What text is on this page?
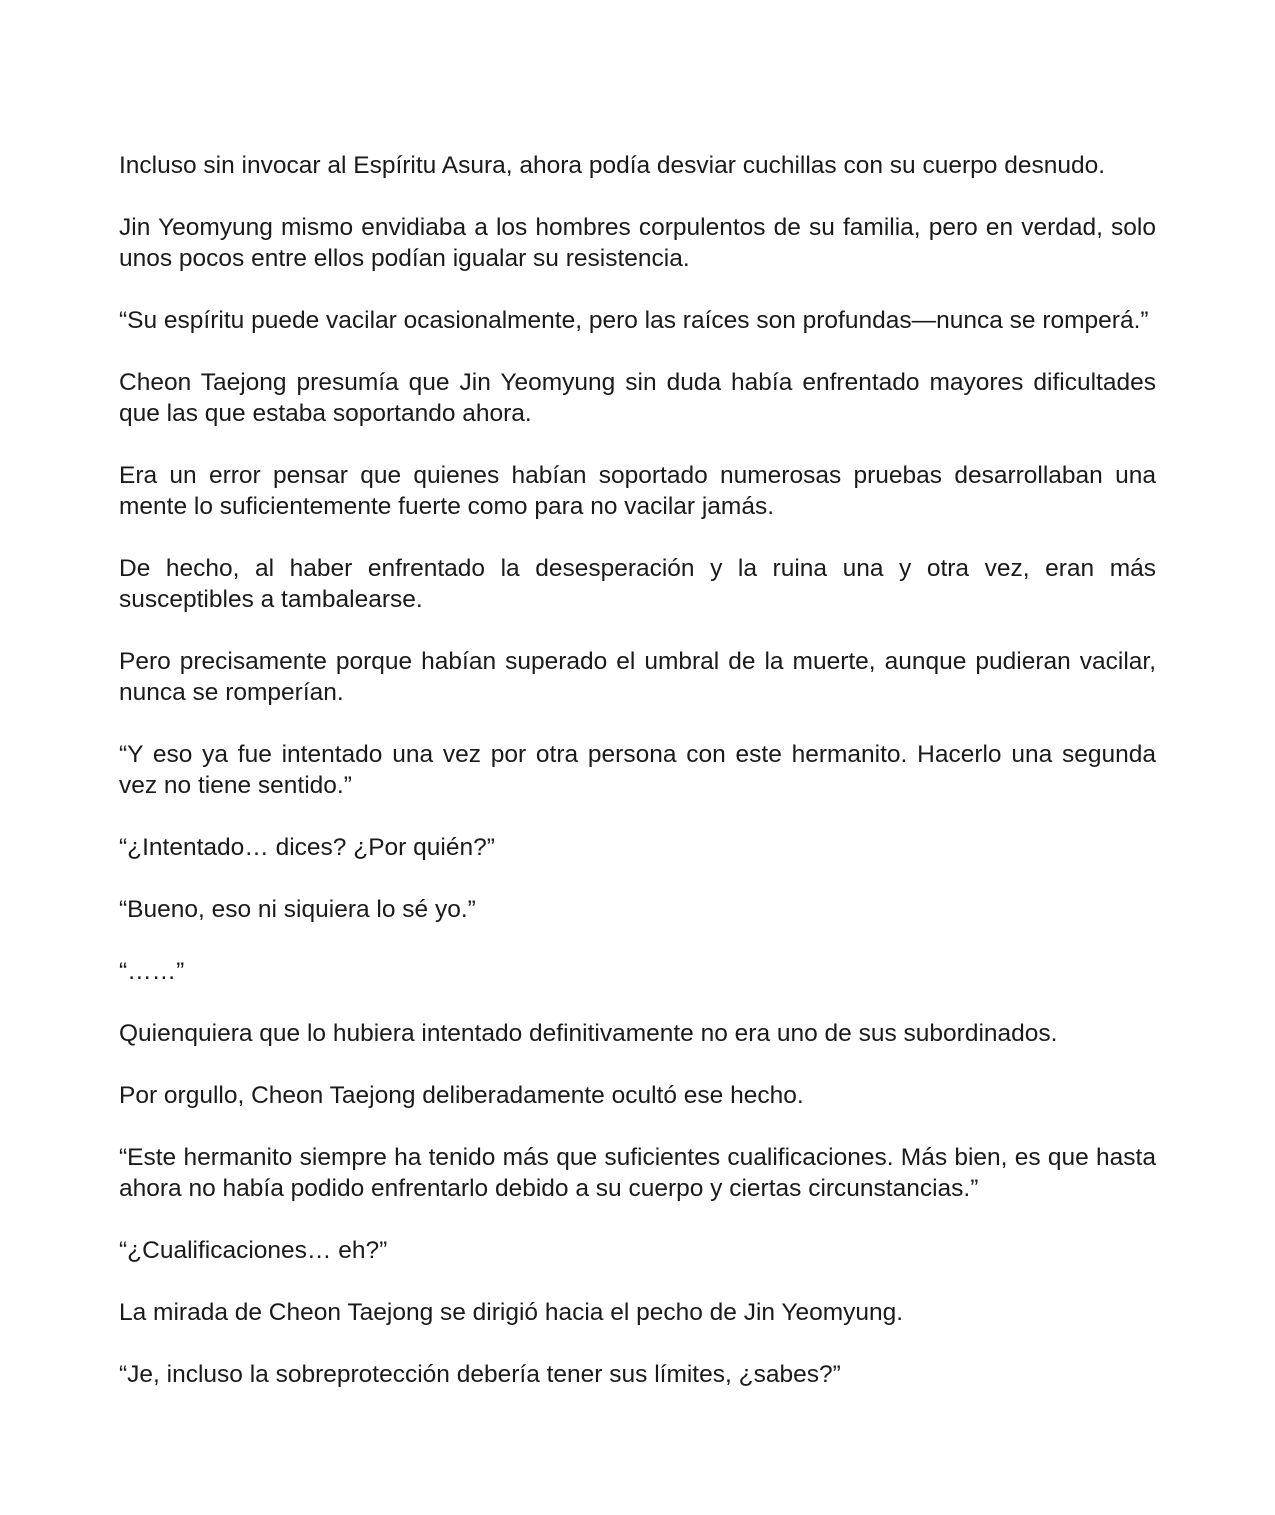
Incluso sin invocar al Espíritu Asura, ahora podía desviar cuchillas con su cuerpo desnudo.

Jin Yeomyung mismo envidiaba a los hombres corpulentos de su familia, pero en verdad, solo unos pocos entre ellos podían igualar su resistencia.

“Su espíritu puede vacilar ocasionalmente, pero las raíces son profundas—nunca se romperá.”

Cheon Taejong presumía que Jin Yeomyung sin duda había enfrentado mayores dificultades que las que estaba soportando ahora.

Era un error pensar que quienes habían soportado numerosas pruebas desarrollaban una mente lo suficientemente fuerte como para no vacilar jamás.

De hecho, al haber enfrentado la desesperación y la ruina una y otra vez, eran más susceptibles a tambalearse.

Pero precisamente porque habían superado el umbral de la muerte, aunque pudieran vacilar, nunca se romperían.

“Y eso ya fue intentado una vez por otra persona con este hermanito. Hacerlo una segunda vez no tiene sentido.”

“¿Intentado… dices? ¿Por quién?”

“Bueno, eso ni siquiera lo sé yo.”

“……”

Quienquiera que lo hubiera intentado definitivamente no era uno de sus subordinados.

Por orgullo, Cheon Taejong deliberadamente ocultó ese hecho.

“Este hermanito siempre ha tenido más que suficientes cualificaciones. Más bien, es que hasta ahora no había podido enfrentarlo debido a su cuerpo y ciertas circunstancias.”

“¿Cualificaciones… eh?”

La mirada de Cheon Taejong se dirigió hacia el pecho de Jin Yeomyung.

“Je, incluso la sobreprotección debería tener sus límites, ¿sabes?”
